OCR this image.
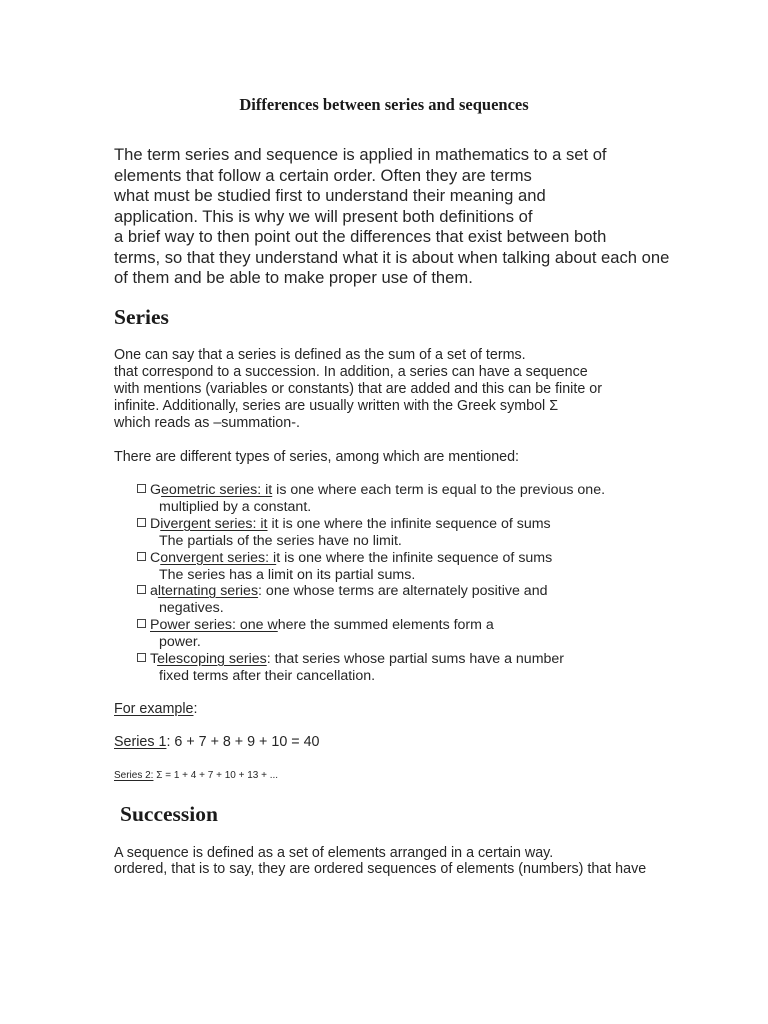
Differences between series and sequences
The term series and sequence is applied in mathematics to a set of
elements that follow a certain order. Often they are terms
what must be studied first to understand their meaning and
application. This is why we will present both definitions of
a brief way to then point out the differences that exist between both
terms, so that they understand what it is about when talking about each one
of them and be able to make proper use of them.
Series
One can say that a series is defined as the sum of a set of terms.
that correspond to a succession. In addition, a series can have a sequence
with mentions (variables or constants) that are added and this can be finite or
infinite. Additionally, series are usually written with the Greek symbol Σ
which reads as –summation-.
There are different types of series, among which are mentioned:
Geometric series: it is one where each term is equal to the previous one.
multiplied by a constant.
Divergent series: it it is one where the infinite sequence of sums
The partials of the series have no limit.
Convergent series: it is one where the infinite sequence of sums
The series has a limit on its partial sums.
alternating series: one whose terms are alternately positive and
negatives.
Power series: one where the summed elements form a
power.
Telescoping series: that series whose partial sums have a number
fixed terms after their cancellation.
For example:
Series 1: 6 + 7 + 8 + 9 + 10 = 40
Series 2: Σ = 1 + 4 + 7 + 10 + 13 + ...
Succession
A sequence is defined as a set of elements arranged in a certain way.
ordered, that is to say, they are ordered sequences of elements (numbers) that have
